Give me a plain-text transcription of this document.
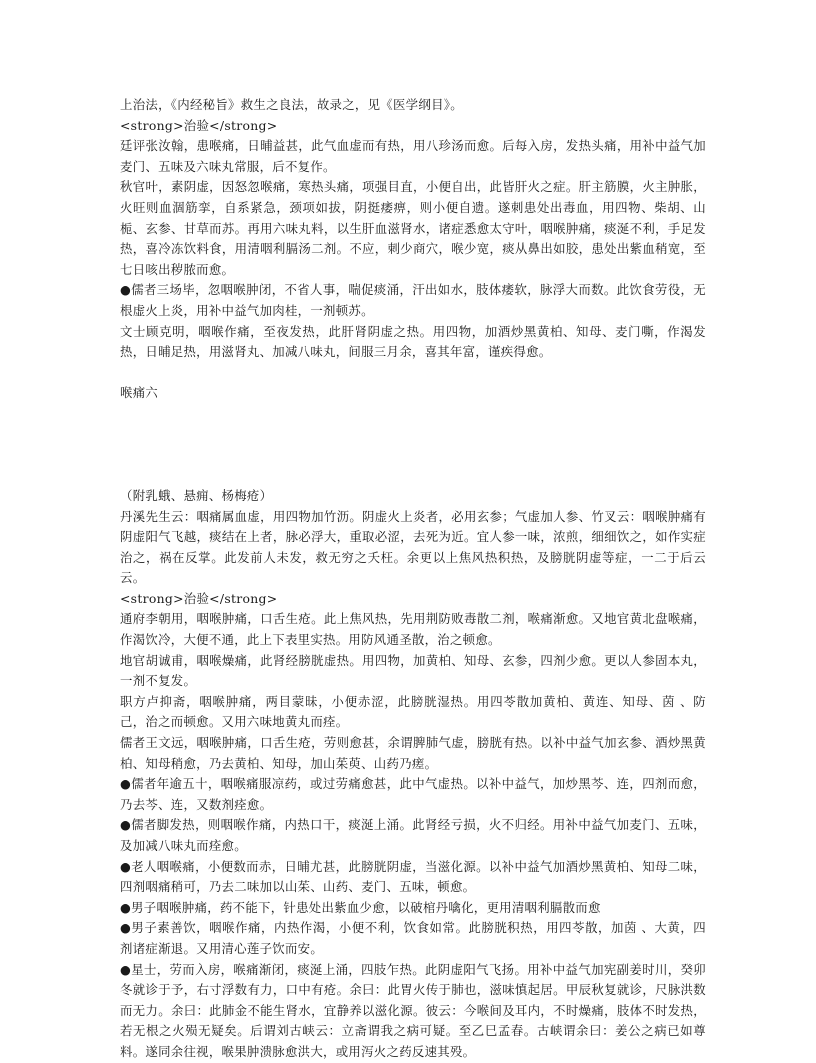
上治法，《内经秘旨》救生之良法，故录之，见《医学纲目》。

<strong>治验</strong>

廷评张汝翰，患喉痛，日晡益甚，此气血虚而有热，用八珍汤而愈。后每入房，发热头痛，用补中益气加麦门、五味及六味丸常服，后不复作。

秋官叶，素阴虚，因怒忽喉痛，寒热头痛，项强目直，小便自出，此皆肝火之症。肝主筋膜，火主肿胀，火旺则血涸筋挛，自系紧急，颈项如拔，阴挺痿痹，则小便自遗。遂刺患处出毒血，用四物、柴胡、山栀、玄参、甘草而苏。再用六味丸料，以生肝血滋肾水，诸症悉愈太守叶，咽喉肿痛，痰涎不利，手足发热，喜冷冻饮料食，用清咽利膈汤二剂。不应，刺少商穴，喉少宽，痰从鼻出如胶，患处出紫血稍宽，至七日咳出秽脓而愈。

●儒者三场毕，忽咽喉肿闭，不省人事，喘促痰涌，汗出如水，肢体痿软，脉浮大而数。此饮食劳役，无根虚火上炎，用补中益气加肉桂，一剂顿苏。

文士顾克明，咽喉作痛，至夜发热，此肝肾阴虚之热。用四物，加酒炒黑黄柏、知母、麦门嘶，作渴发热，日晡足热，用滋肾丸、加减八味丸，间服三月余，喜其年富，谨疾得愈。

喉痛六

（附乳蛾、悬痈、杨梅疮）

丹溪先生云：咽痛属血虚，用四物加竹沥。阴虚火上炎者，必用玄参；气虚加人参、竹叉云：咽喉肿痛有阴虚阳气飞越，痰结在上者，脉必浮大，重取必涩，去死为近。宜人参一味，浓煎，细细饮之，如作实症治之，祸在反掌。此发前人未发，救无穷之夭枉。余更以上焦风热积热，及膀胱阴虚等症，一二于后云云。

<strong>治验</strong>

通府李朝用，咽喉肿痛，口舌生疮。此上焦风热，先用荆防败毒散二剂，喉痛渐愈。又地官黄北盘喉痛，作渴饮冷，大便不通，此上下表里实热。用防风通圣散，治之顿愈。

地官胡诚甫，咽喉燥痛，此肾经膀胱虚热。用四物，加黄柏、知母、玄参，四剂少愈。更以人参固本丸，一剂不复发。

职方卢抑斋，咽喉肿痛，两目蒙昧，小便赤涩，此膀胱湿热。用四苓散加黄柏、黄连、知母、茵 、防己，治之而顿愈。又用六味地黄丸而痊。

儒者王文远，咽喉肿痛，口舌生疮，劳则愈甚，余谓脾肺气虚，膀胱有热。以补中益气加玄参、酒炒黑黄柏、知母稍愈，乃去黄柏、知母，加山茱萸、山药乃瘥。

●儒者年逾五十，咽喉痛服凉药，或过劳痛愈甚，此中气虚热。以补中益气，加炒黑芩、连，四剂而愈，乃去芩、连，又数剂痊愈。

●儒者脚发热，则咽喉作痛，内热口干，痰涎上涌。此肾经亏损，火不归经。用补中益气加麦门、五味，及加减八味丸而痊愈。

●老人咽喉痛，小便数而赤，日晡尤甚，此膀胱阴虚，当滋化源。以补中益气加酒炒黑黄柏、知母二味，四剂咽痛稍可，乃去二味加以山茱、山药、麦门、五味，顿愈。

●男子咽喉肿痛，药不能下，针患处出紫血少愈，以破棺丹噙化，更用清咽利膈散而愈

●男子素善饮，咽喉作痛，内热作渴，小便不利，饮食如常。此膀胱积热，用四苓散，加茵 、大黄，四剂诸症渐退。又用清心莲子饮而安。

●星士，劳而入房，喉痛渐闭，痰涎上涌，四肢乍热。此阴虚阳气飞扬。用补中益气加宪副姜时川，癸卯冬就诊于予，右寸浮数有力，口中有疮。余曰：此胃火传于肺也，滋味慎起居。甲辰秋复就诊，尺脉洪数而无力。余曰：此肺金不能生肾水，宜静养以滋化源。彼云：今喉间及耳内，不时燥痛，肢体不时发热，若无根之火殒无疑矣。后谓刘古峡云：立斋谓我之病可疑。至乙巳孟春。古峡谓余曰：姜公之病已如尊料。遂同余往视，喉果肿溃脉愈洪大，或用泻火之药反速其殁。
